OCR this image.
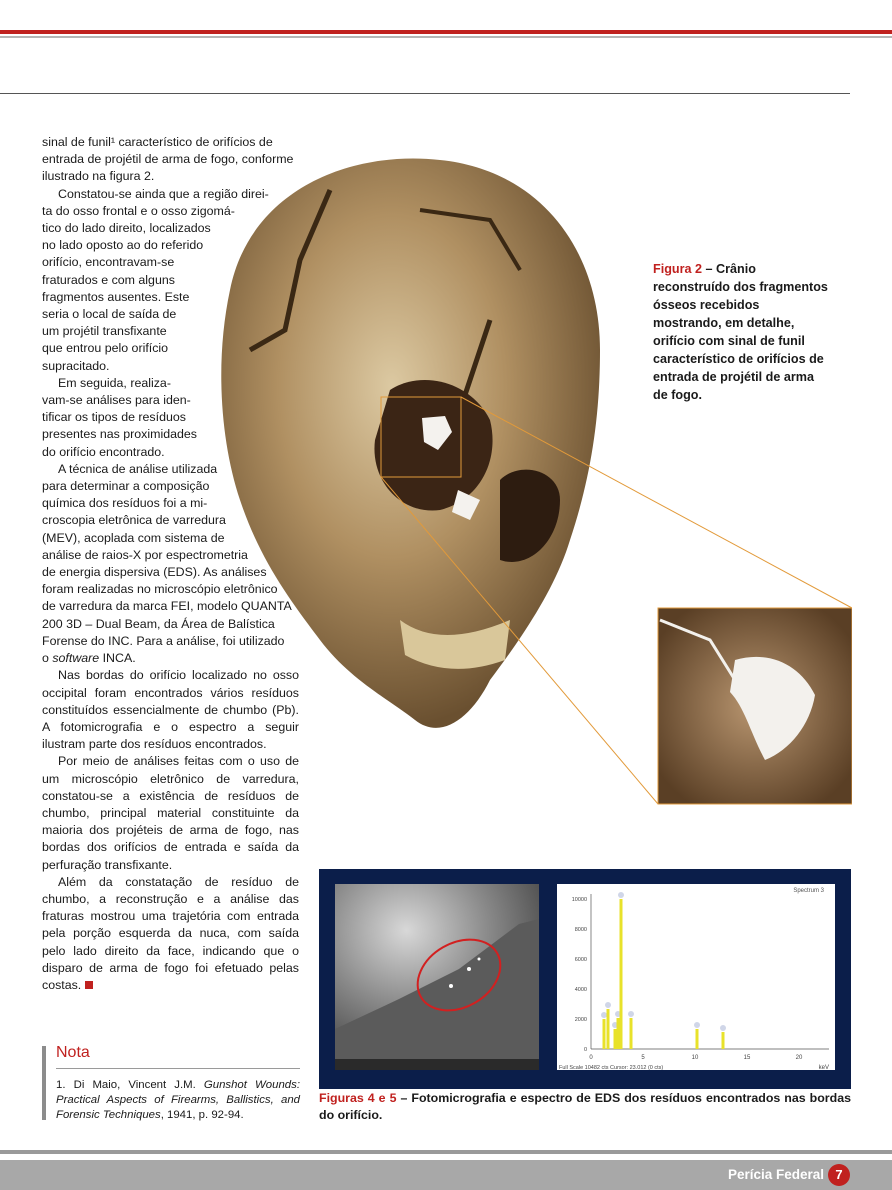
sinal de funil¹ característico de orifícios de
entrada de projétil de arma de fogo, conforme
ilustrado na figura 2.

Constatou-se ainda que a região direi-
ta do osso frontal e o osso zigomá-
tico do lado direito, localizados
no lado oposto ao do referido
orifício, encontravam-se
fraturados e com alguns
fragmentos ausentes. Este
seria o local de saída de
um projétil transfixante
que entrou pelo orifício
supracitado.

Em seguida, realiza-
vam-se análises para iden-
tificar os tipos de resíduos
presentes nas proximidades
do orifício encontrado.

A técnica de análise utilizada
para determinar a composição
química dos resíduos foi a mi-
croscopia eletrônica de varredura
(MEV), acoplada com sistema de
análise de raios-X por espectrometria
de energia dispersiva (EDS). As análises
foram realizadas no microscópio eletrônico
de varredura da marca FEI, modelo QUANTA
200 3D – Dual Beam, da Área de Balística
Forense do INC. Para a análise, foi utilizado
o software INCA.

Nas bordas do orifício localizado no osso occipital foram encontrados vários resíduos constituídos essencialmente de chumbo (Pb). A fotomicrografia e o espectro a seguir ilustram parte dos resíduos encontrados.

Por meio de análises feitas com o uso de um microscópio eletrônico de varredura, constatou-se a existência de resíduos de chumbo, principal material constituinte da maioria dos projéteis de arma de fogo, nas bordas dos orifícios de entrada e saída da perfuração transfixante.

Além da constatação de resíduo de chumbo, a reconstrução e a análise das fraturas mostrou uma trajetória com entrada pela porção esquerda da nuca, com saída pelo lado direito da face, indicando que o disparo de arma de fogo foi efetuado pelas costas.

Figura 2 – Crânio reconstruído dos fragmentos ósseos recebidos mostrando, em detalhe, orifício com sinal de funil característico de orifícios de entrada de projétil de arma de fogo.
Nota
1. Di Maio, Vincent J.M. Gunshot Wounds: Practical Aspects of Firearms, Ballistics, and Forensic Techniques, 1941, p. 92-94.
Spectrum 3
10000
8000
6000
4000
2000
0
0	5	10	15	20
keV
Full Scale 10482 cts Cursor: 23.012 (0 cts)
Figuras 4 e 5 – Fotomicrografia e espectro de EDS dos resíduos encontrados nas bordas do orifício.
Perícia Federal 7
